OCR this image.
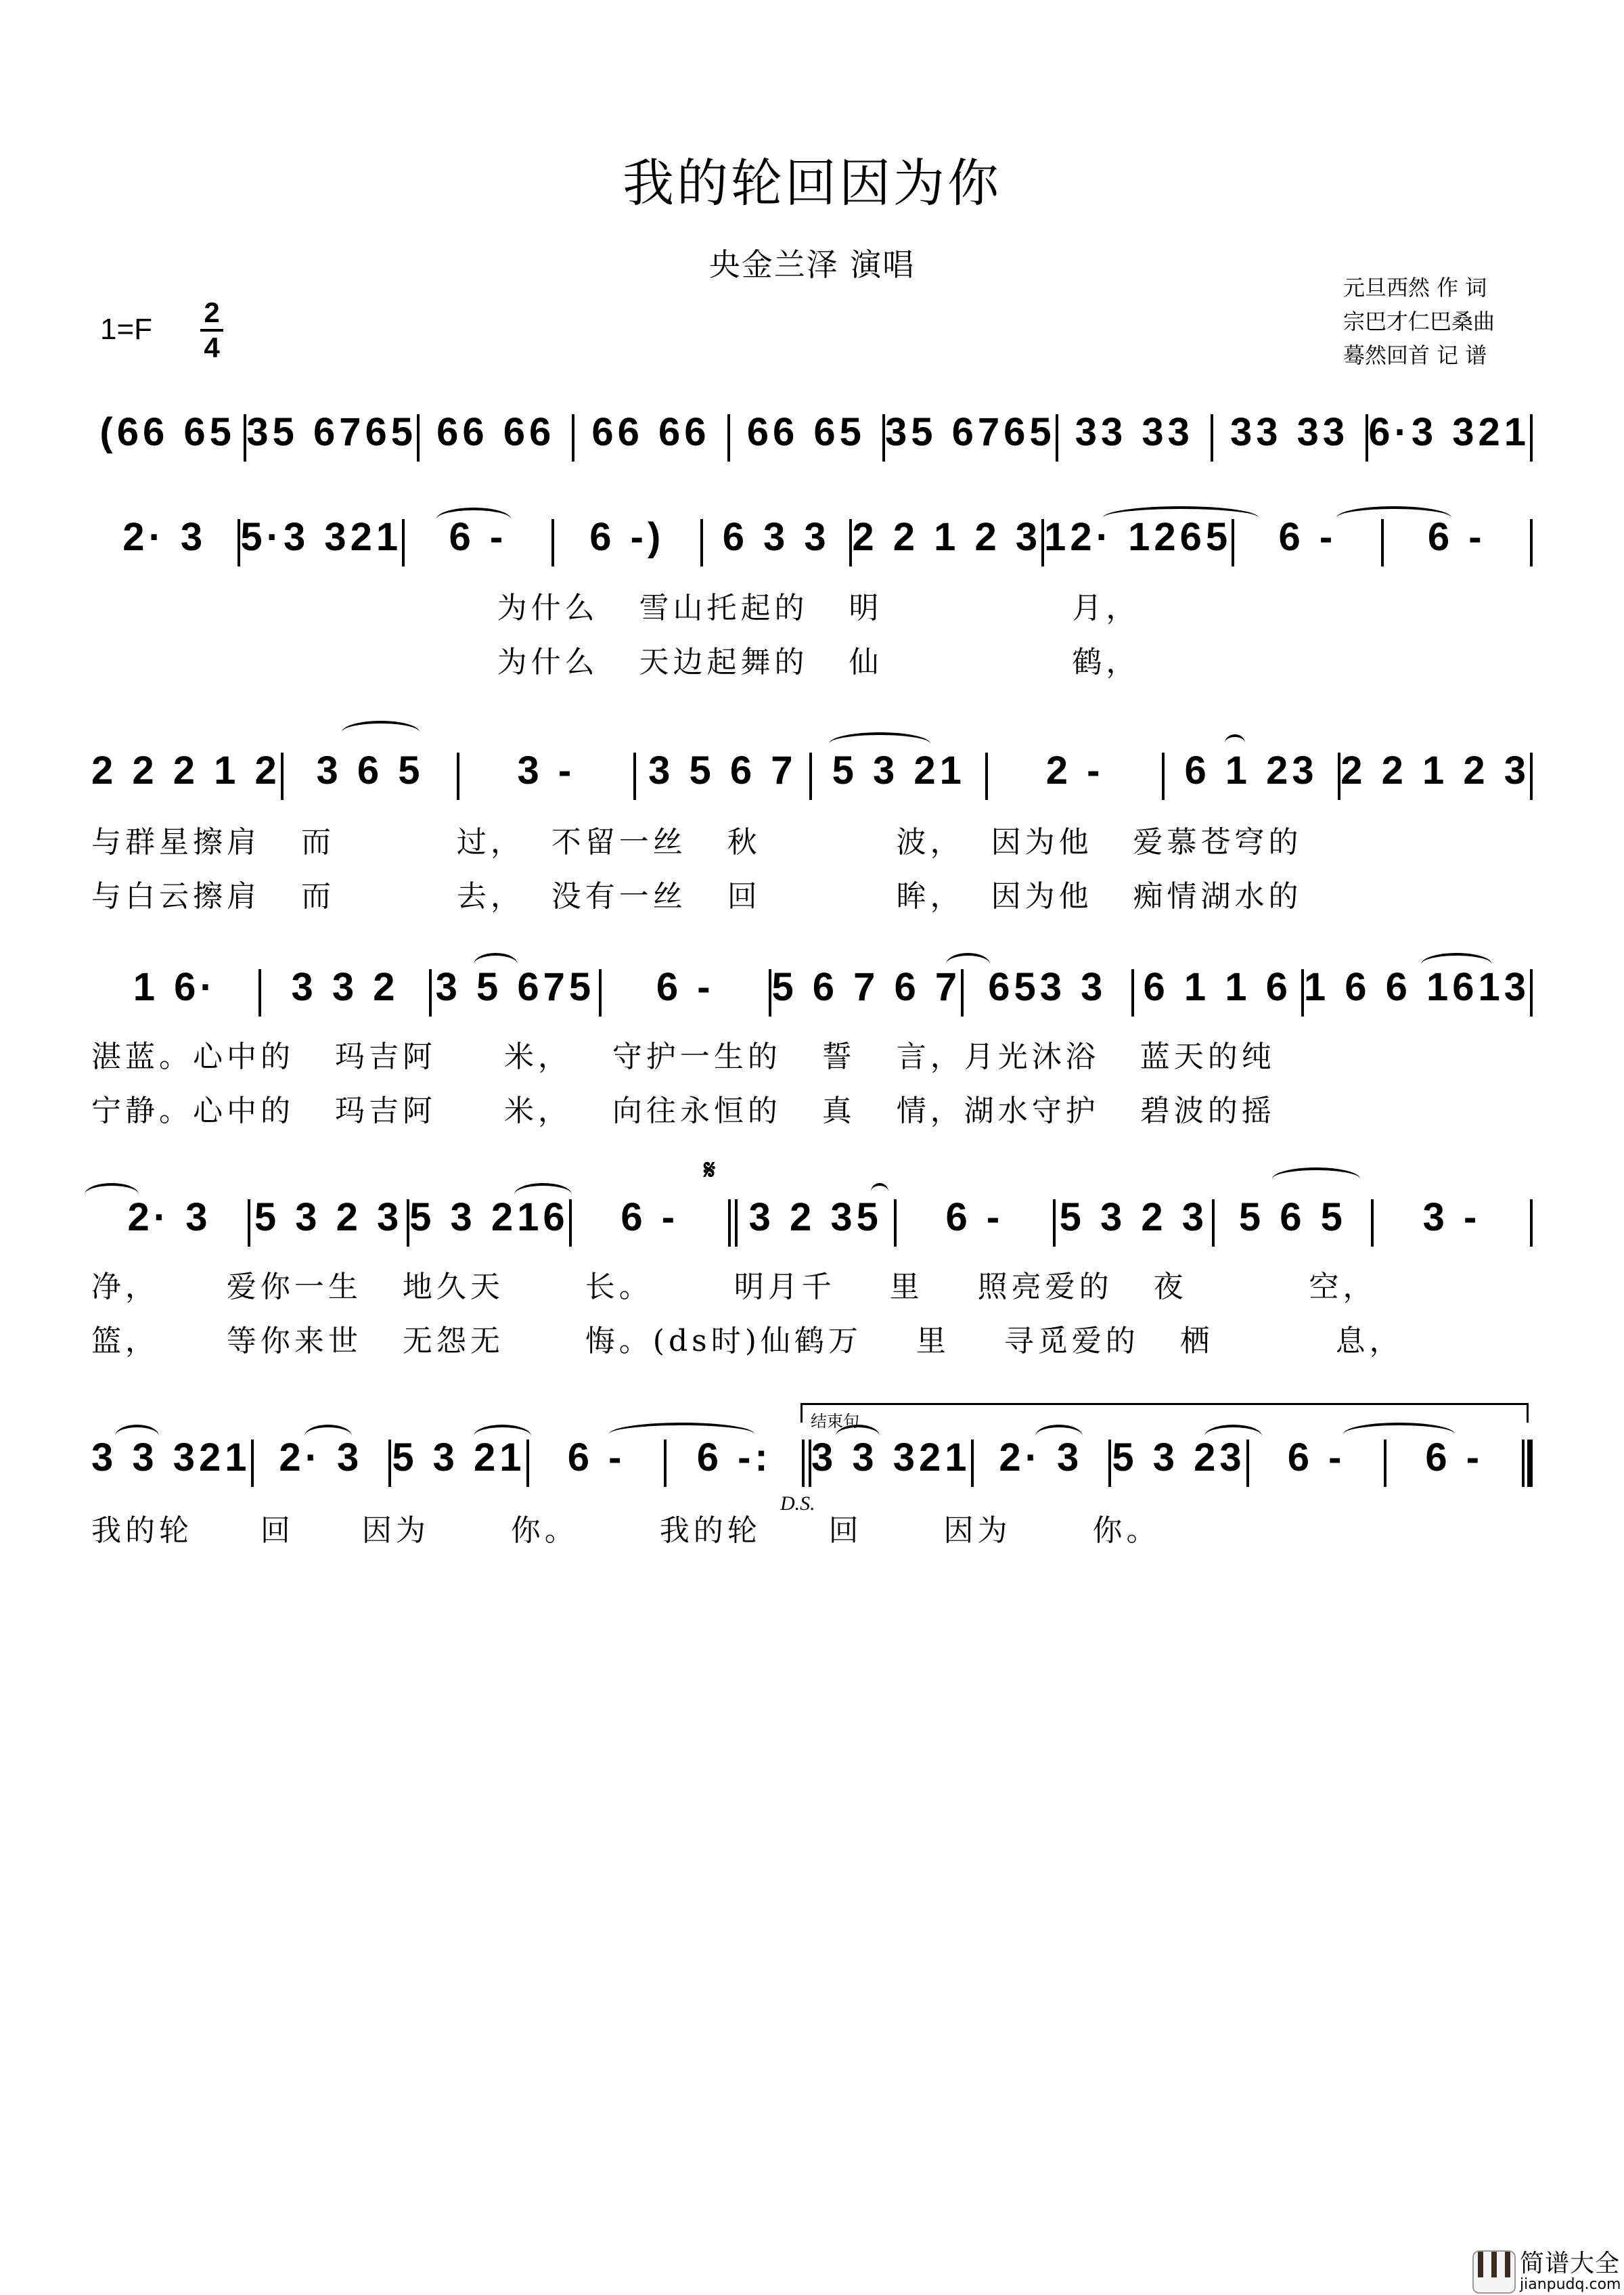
我的轮回因为你
央金兰泽 演唱
元旦西然 作 词
宗巴才仁巴桑曲
蓦然回首 记 谱
1=F
2
4
(66 65 35 6765 66 66 66 66 66 65 35 6765 33 33 33 33 6·3 321
2· 3 5·3 321 6 - 6 -) 6 3 3 2 2 1 2 3 12· 1265 6 - 6 -
为什么   雪山托起的   明              月，
为什么   天边起舞的   仙              鹤，
2 2 2 1 2 3 6 5 3 - 3 5 6 7 5 3 21 2 - 6 1 23 2 2 1 2 3
与群星擦肩   而         过，  不留一丝   秋          波，  因为他   爱慕苍穹的
与白云擦肩   而         去，  没有一丝   回          眸，  因为他   痴情湖水的
1 6· 3 3 2 3 5 675 6 - 5 6 7 6 7 653 3 6 1 1 6 1 6 6 1613
湛蓝。心中的   玛吉阿     米，   守护一生的   誓   言，月光沐浴   蓝天的纯
宁静。心中的   玛吉阿     米，   向往永恒的   真   情，湖水守护   碧波的摇
2· 3 5 3 2 3 5 3 216 6 - 3 2 35 6 - 5 3 2 3 5 6 5 3 -
𝄋
净，     爱你一生   地久天      长。      明月千    里    照亮爱的   夜         空，
篮，     等你来世   无怨无      悔。(ds时)仙鹤万    里    寻觅爱的   栖         息，
结束句
3 3 321 2· 3 5 3 21 6 - 6 -: 3 3 321 2· 3 5 3 23 6 - 6 -
D.S.
我的轮     回     因为      你。      我的轮     回      因为      你。
简谱大全
jianpudq.com
